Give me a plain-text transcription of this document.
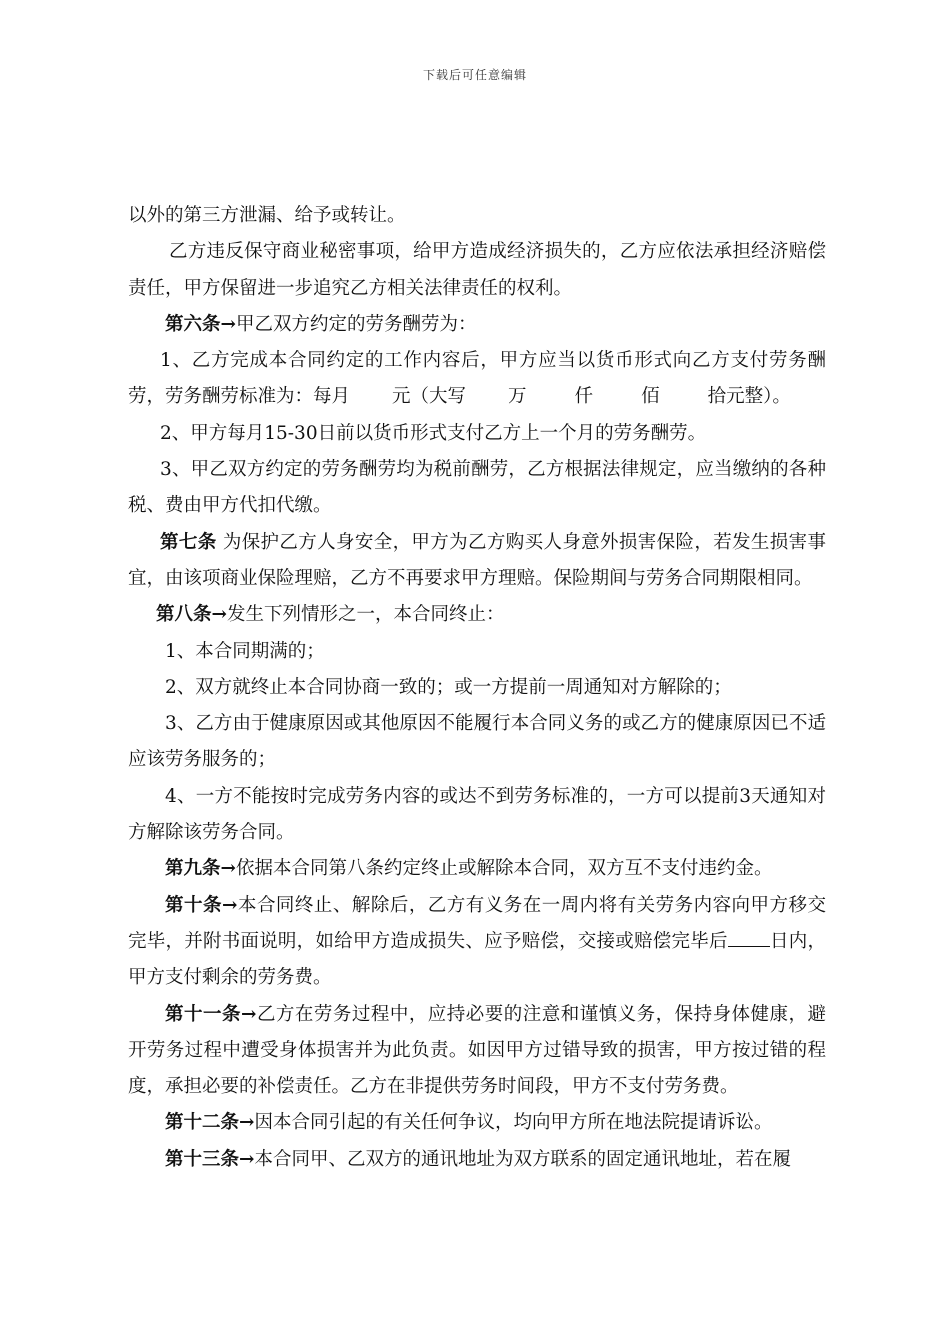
下载后可任意编辑

以外的第三方泄漏、给予或转让。

乙方违反保守商业秘密事项，给甲方造成经济损失的，乙方应依法承担经济赔偿责任，甲方保留进一步追究乙方相关法律责任的权利。

第六条→甲乙双方约定的劳务酬劳为：

1、乙方完成本合同约定的工作内容后，甲方应当以货币形式向乙方支付劳务酬劳，劳务酬劳标准为：每月 元（大写 万	仟	佰	拾元整）。

2、甲方每月15-30日前以货币形式支付乙方上一个月的劳务酬劳。

3、甲乙双方约定的劳务酬劳均为税前酬劳，乙方根据法律规定，应当缴纳的各种税、费由甲方代扣代缴。

第七条 为保护乙方人身安全，甲方为乙方购买人身意外损害保险，若发生损害事宜，由该项商业保险理赔，乙方不再要求甲方理赔。保险期间与劳务合同期限相同。

第八条→发生下列情形之一，本合同终止：

1、本合同期满的；

2、双方就终止本合同协商一致的；或一方提前一周通知对方解除的；

3、乙方由于健康原因或其他原因不能履行本合同义务的或乙方的健康原因已不适应该劳务服务的；

4、一方不能按时完成劳务内容的或达不到劳务标准的，一方可以提前3天通知对方解除该劳务合同。

第九条→依据本合同第八条约定终止或解除本合同，双方互不支付违约金。

第十条→本合同终止、解除后，乙方有义务在一周内将有关劳务内容向甲方移交完毕，并附书面说明，如给甲方造成损失、应予赔偿，交接或赔偿完毕后 日内，甲方支付剩余的劳务费。

第十一条→乙方在劳务过程中，应持必要的注意和谨慎义务，保持身体健康，避开劳务过程中遭受身体损害并为此负责。如因甲方过错导致的损害，甲方按过错的程度，承担必要的补偿责任。乙方在非提供劳务时间段，甲方不支付劳务费。

第十二条→因本合同引起的有关任何争议，均向甲方所在地法院提请诉讼。

第十三条→本合同甲、乙双方的通讯地址为双方联系的固定通讯地址，若在履
